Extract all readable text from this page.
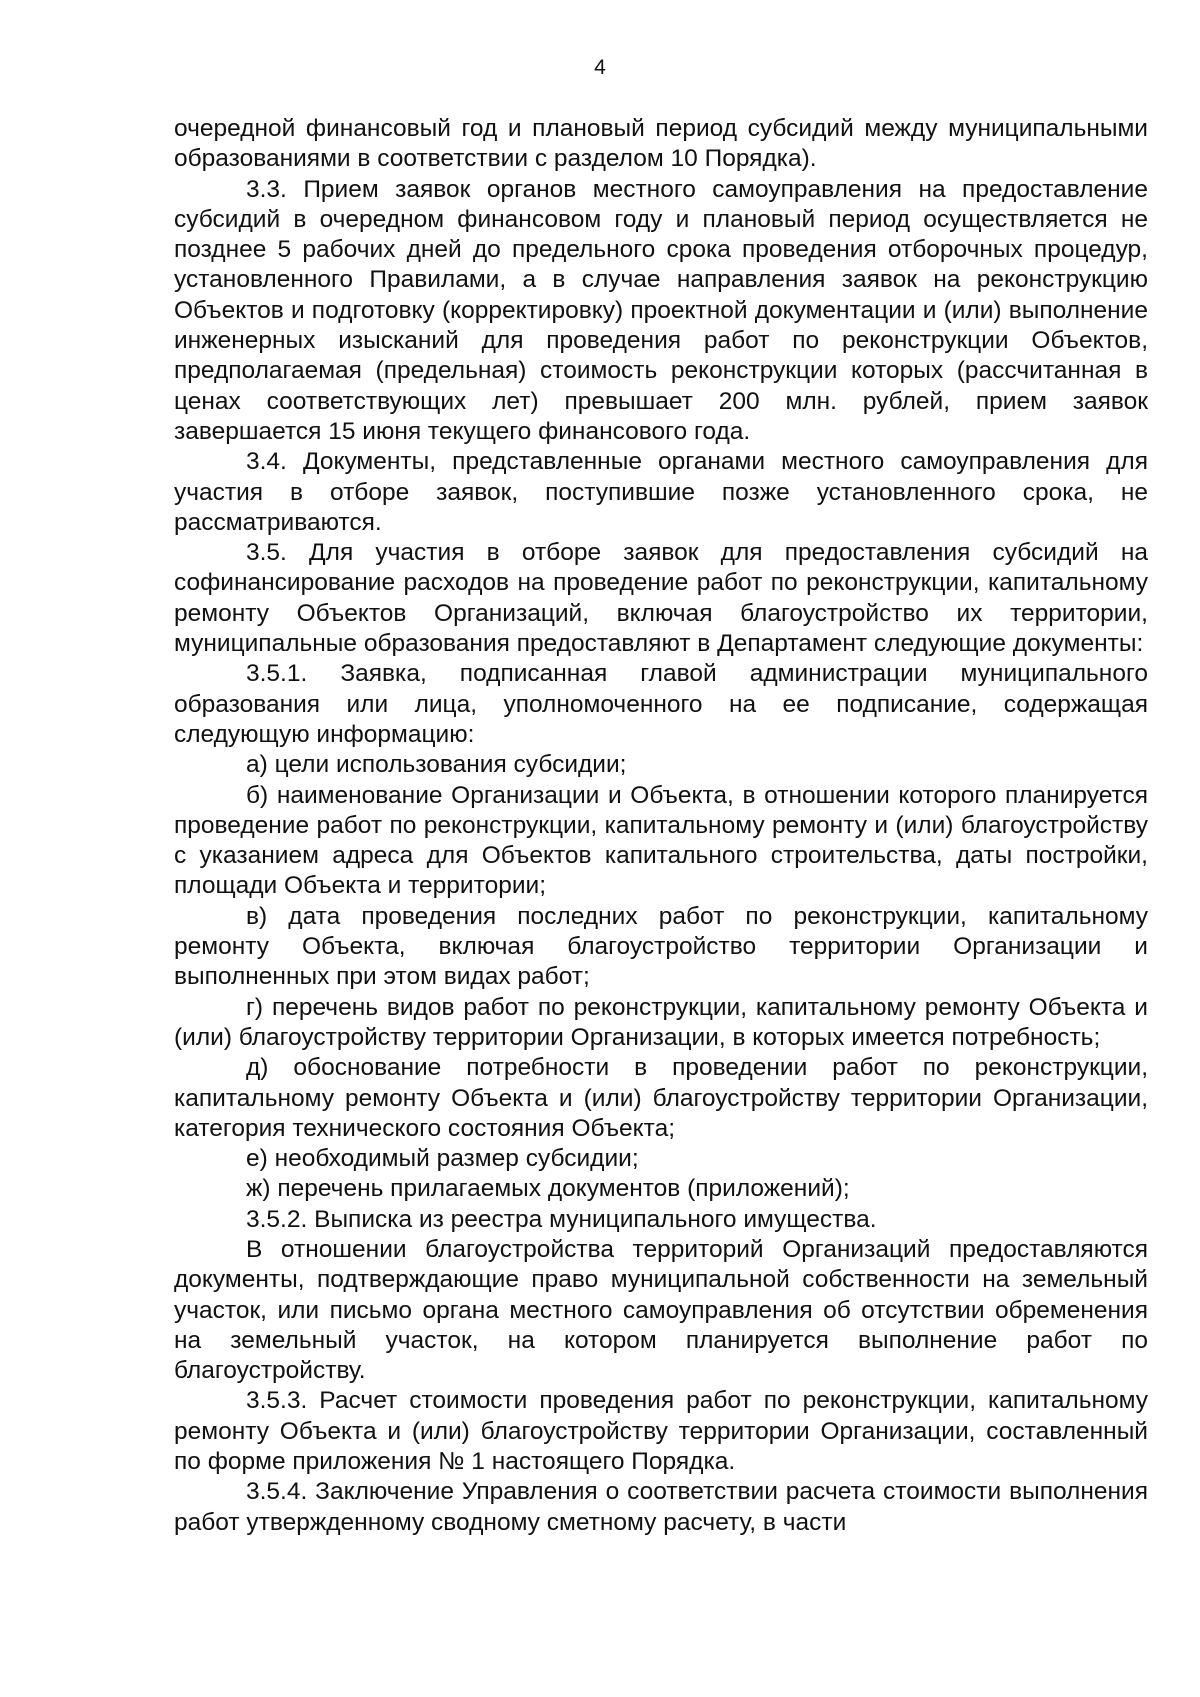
4

очередной финансовый год и плановый период субсидий между муниципальными образованиями в соответствии с разделом 10 Порядка).

3.3. Прием заявок органов местного самоуправления на предоставление субсидий в очередном финансовом году и плановый период осуществляется не позднее 5 рабочих дней до предельного срока проведения отборочных процедур, установленного Правилами, а в случае направления заявок на реконструкцию Объектов и подготовку (корректировку) проектной документации и (или) выполнение инженерных изысканий для проведения работ по реконструкции Объектов, предполагаемая (предельная) стоимость реконструкции которых (рассчитанная в ценах соответствующих лет) превышает 200 млн. рублей, прием заявок завершается 15 июня текущего финансового года.

3.4. Документы, представленные органами местного самоуправления для участия в отборе заявок, поступившие позже установленного срока, не рассматриваются.

3.5. Для участия в отборе заявок для предоставления субсидий на софинансирование расходов на проведение работ по реконструкции, капитальному ремонту Объектов Организаций, включая благоустройство их территории, муниципальные образования предоставляют в Департамент следующие документы:

3.5.1. Заявка, подписанная главой администрации муниципального образования или лица, уполномоченного на ее подписание, содержащая следующую информацию:

а) цели использования субсидии;

б) наименование Организации и Объекта, в отношении которого планируется проведение работ по реконструкции, капитальному ремонту и (или) благоустройству с указанием адреса для Объектов капитального строительства, даты постройки, площади Объекта и территории;

в) дата проведения последних работ по реконструкции, капитальному ремонту Объекта, включая благоустройство территории Организации и выполненных при этом видах работ;

г) перечень видов работ по реконструкции, капитальному ремонту Объекта и (или) благоустройству территории Организации, в которых имеется потребность;

д) обоснование потребности в проведении работ по реконструкции, капитальному ремонту Объекта и (или) благоустройству территории Организации, категория технического состояния Объекта;

е) необходимый размер субсидии;

ж) перечень прилагаемых документов (приложений);

3.5.2. Выписка из реестра муниципального имущества.

В отношении благоустройства территорий Организаций предоставляются документы, подтверждающие право муниципальной собственности на земельный участок, или письмо органа местного самоуправления об отсутствии обременения на земельный участок, на котором планируется выполнение работ по благоустройству.

3.5.3. Расчет стоимости проведения работ по реконструкции, капитальному ремонту Объекта и (или) благоустройству территории Организации, составленный по форме приложения № 1 настоящего Порядка.

3.5.4. Заключение Управления о соответствии расчета стоимости выполнения работ утвержденному сводному сметному расчету, в части
